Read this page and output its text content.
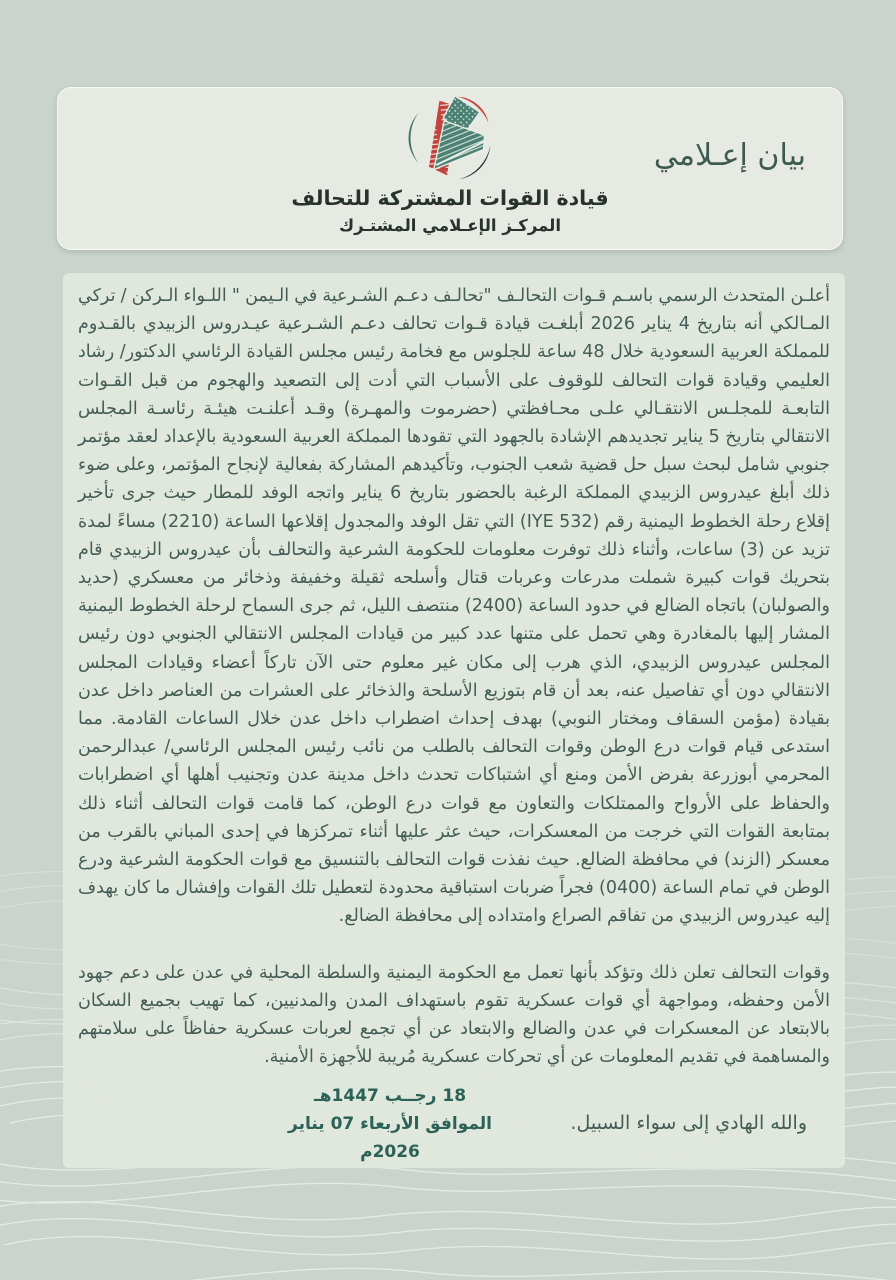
بيان إعـلامي
قيادة القوات المشتركة للتحالف
المركـز الإعـلامي المشتـرك

أعلـن المتحدث الرسمي باسـم قـوات التحالـف "تحالـف دعـم الشـرعية في الـيمن " اللـواء الـركن / تركي المـالكي أنه بتاريخ 4 يناير 2026 أبلغـت قيادة قـوات تحالف دعـم الشـرعية عيـدروس الزبيدي بالقـدوم للمملكة العربية السعودية خلال 48 ساعة للجلوس مع فخامة رئيس مجلس القيادة الرئاسي الدكتور/ رشاد العليمي وقيادة قوات التحالف للوقوف على الأسباب التي أدت إلى التصعيد والهجوم من قبل القـوات التابعـة للمجلـس الانتقـالي علـى محـافظتي (حضرموت والمهـرة) وقـد أعلنـت هيئـة رئاسـة المجلس الانتقالي بتاريخ 5 يناير تجديدهم الإشادة بالجهود التي تقودها المملكة العربية السعودية بالإعداد لعقد مؤتمر جنوبي شامل لبحث سبل حل قضية شعب الجنوب، وتأكيدهم المشاركة بفعالية لإنجاح المؤتمر، وعلى ضوء ذلك أبلغ عيدروس الزبيدي المملكة الرغبة بالحضور بتاريخ 6 يناير واتجه الوفد للمطار حيث جرى تأخير إقلاع رحلة الخطوط اليمنية رقم (IYE 532) التي تقل الوفد والمجدول إقلاعها الساعة (2210) مساءً لمدة تزيد عن (3) ساعات، وأثناء ذلك توفرت معلومات للحكومة الشرعية والتحالف بأن عيدروس الزبيدي قام بتحريك قوات كبيرة شملت مدرعات وعربات قتال وأسلحه ثقيلة وخفيفة وذخائر من معسكري (حديد والصولبان) باتجاه الضالع في حدود الساعة (2400) منتصف الليل، ثم جرى السماح لرحلة الخطوط اليمنية المشار إليها بالمغادرة وهي تحمل على متنها عدد كبير من قيادات المجلس الانتقالي الجنوبي دون رئيس المجلس عيدروس الزبيدي، الذي هرب إلى مكان غير معلوم حتى الآن تاركاً أعضاء وقيادات المجلس الانتقالي دون أي تفاصيل عنه، بعد أن قام بتوزيع الأسلحة والذخائر على العشرات من العناصر داخل عدن بقيادة (مؤمن السقاف ومختار النوبي) بهدف إحداث اضطراب داخل عدن خلال الساعات القادمة. مما استدعى قيام قوات درع الوطن وقوات التحالف بالطلب من نائب رئيس المجلس الرئاسي/ عبدالرحمن المحرمي أبوزرعة بفرض الأمن ومنع أي اشتباكات تحدث داخل مدينة عدن وتجنيب أهلها أي اضطرابات والحفاظ على الأرواح والممتلكات والتعاون مع قوات درع الوطن، كما قامت قوات التحالف أثناء ذلك بمتابعة القوات التي خرجت من المعسكرات، حيث عثر عليها أثناء تمركزها في إحدى المباني بالقرب من معسكر (الزند) في محافظة الضالع. حيث نفذت قوات التحالف بالتنسيق مع قوات الحكومة الشرعية ودرع الوطن في تمام الساعة (0400) فجراً ضربات استباقية محدودة لتعطيل تلك القوات وإفشال ما كان يهدف إليه عيدروس الزبيدي من تفاقم الصراع وامتداده إلى محافظة الضالع.

وقوات التحالف تعلن ذلك وتؤكد بأنها تعمل مع الحكومة اليمنية والسلطة المحلية في عدن على دعم جهود الأمن وحفظه، ومواجهة أي قوات عسكرية تقوم باستهداف المدن والمدنيين، كما تهيب بجميع السكان بالابتعاد عن المعسكرات في عدن والضالع والابتعاد عن أي تجمع لعربات عسكرية حفاظاً على سلامتهم والمساهمة في تقديم المعلومات عن أي تحركات عسكرية مُريبة للأجهزة الأمنية.

والله الهادي إلى سواء السبيل.
18 رجــب 1447هـ
الموافق الأربعاء 07 يناير 2026م
